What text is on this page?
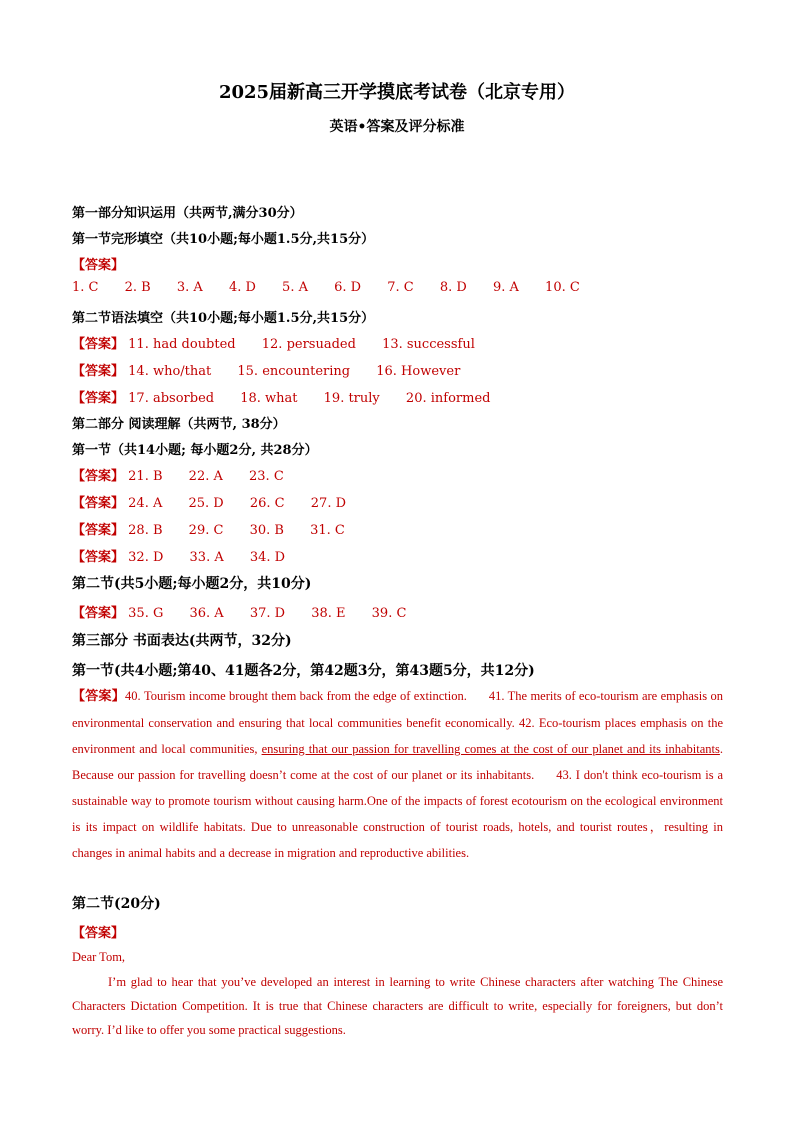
2025届新高三开学摸底考试卷（北京专用）
英语•答案及评分标准
第一部分知识运用（共两节,满分30分）
第一节完形填空（共10小题;每小题1.5分,共15分）
【答案】
1. C 2. B 3. A 4. D 5. A 6. D 7. C 8. D 9. A 10. C
第二节语法填空（共10小题;每小题1.5分,共15分）
【答案】 11. had doubted 12. persuaded 13. successful
【答案】 14. who/that 15. encountering 16. However
【答案】 17. absorbed 18. what 19. truly 20. informed
第二部分 阅读理解（共两节, 38分）
第一节（共14小题; 每小题2分, 共28分）
【答案】 21. B 22. A 23. C
【答案】 24. A 25. D 26. C 27. D
【答案】 28. B 29. C 30. B 31. C
【答案】 32. D 33. A 34. D
第二节(共5小题;每小题2分，共10分)
【答案】 35. G 36. A 37. D 38. E 39. C
第三部分 书面表达(共两节，32分)
第一节(共4小题;第40、41题各2分，第42题3分，第43题5分，共12分)
【答案】40. Tourism income brought them back from the edge of extinction. 41. The merits of eco-tourism are emphasis on environmental conservation and ensuring that local communities benefit economically. 42. Eco-tourism places emphasis on the environment and local communities, ensuring that our passion for travelling comes at the cost of our planet and its inhabitants. Because our passion for travelling doesn’t come at the cost of our planet or its inhabitants. 43. I don't think eco-tourism is a sustainable way to promote tourism without causing harm.One of the impacts of forest ecotourism on the ecological environment is its impact on wildlife habitats. Due to unreasonable construction of tourist roads, hotels, and tourist routes，resulting in changes in animal habits and a decrease in migration and reproductive abilities.
第二节(20分)
【答案】
Dear Tom,
I’m glad to hear that you’ve developed an interest in learning to write Chinese characters after watching The Chinese Characters Dictation Competition. It is true that Chinese characters are difficult to write, especially for foreigners, but don’t worry. I’d like to offer you some practical suggestions.
